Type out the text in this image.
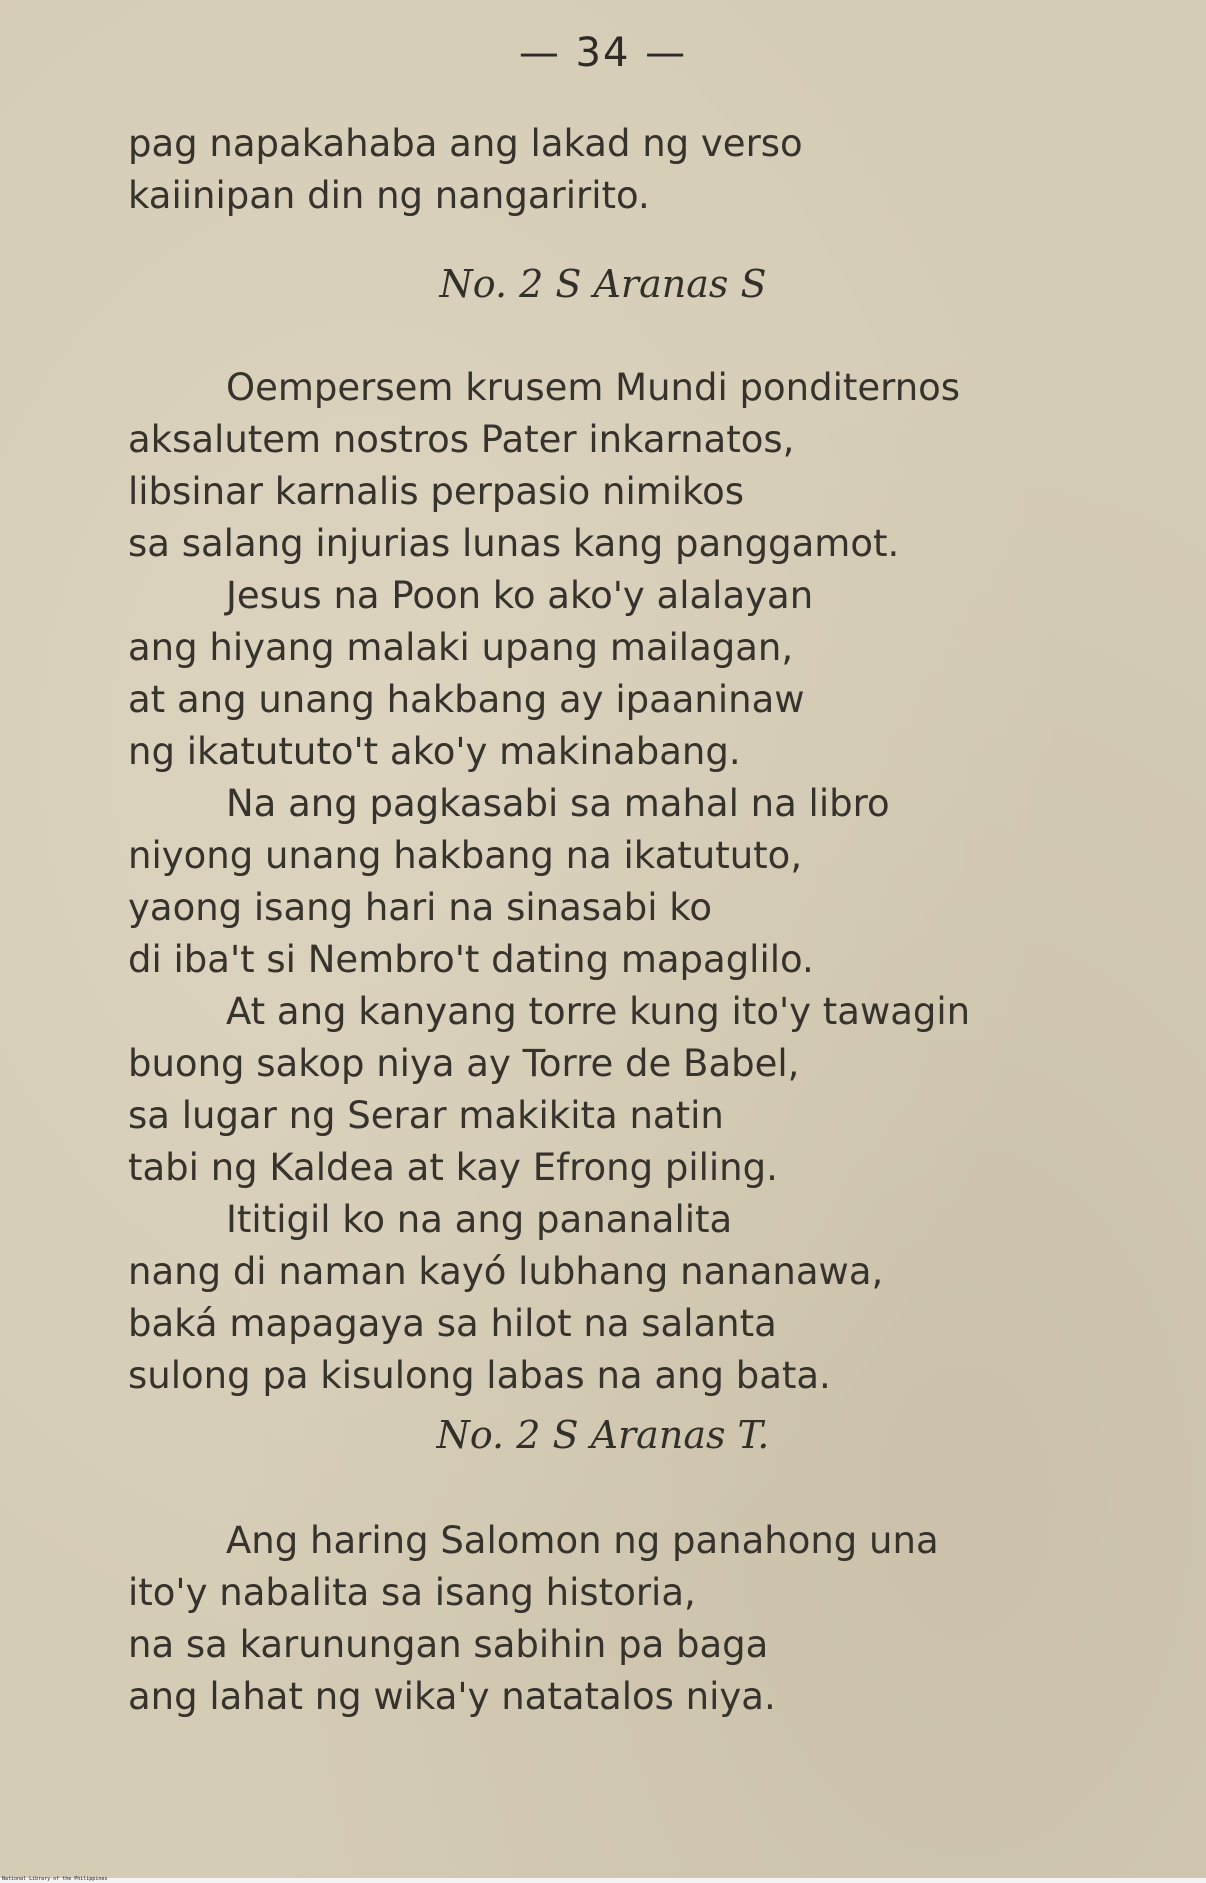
— 34 —
pag napakahaba ang lakad ng verso
kaiinipan din ng nangaririto.
No. 2 S Aranas S
Oempersem krusem Mundi ponditernos
aksalutem nostros Pater inkarnatos,
libsinar karnalis perpasio nimikos
sa salang injurias lunas kang panggamot.
Jesus na Poon ko ako'y alalayan
ang hiyang malaki upang mailagan,
at ang unang hakbang ay ipaaninaw
ng ikatututo't ako'y makinabang.
Na ang pagkasabi sa mahal na libro
niyong unang hakbang na ikatututo,
yaong isang hari na sinasabi ko
di iba't si Nembro't dating mapaglilo.
At ang kanyang torre kung ito'y tawagin
buong sakop niya ay Torre de Babel,
sa lugar ng Serar makikita natin
tabi ng Kaldea at kay Efrong piling.
Ititigil ko na ang pananalita
nang di naman kayó lubhang nananawa,
baká mapagaya sa hilot na salanta
sulong pa kisulong labas na ang bata.
No. 2 S Aranas T.
Ang haring Salomon ng panahong una
ito'y nabalita sa isang historia,
na sa karunungan sabihin pa baga
ang lahat ng wika'y natatalos niya.
National Library of the Philippines
